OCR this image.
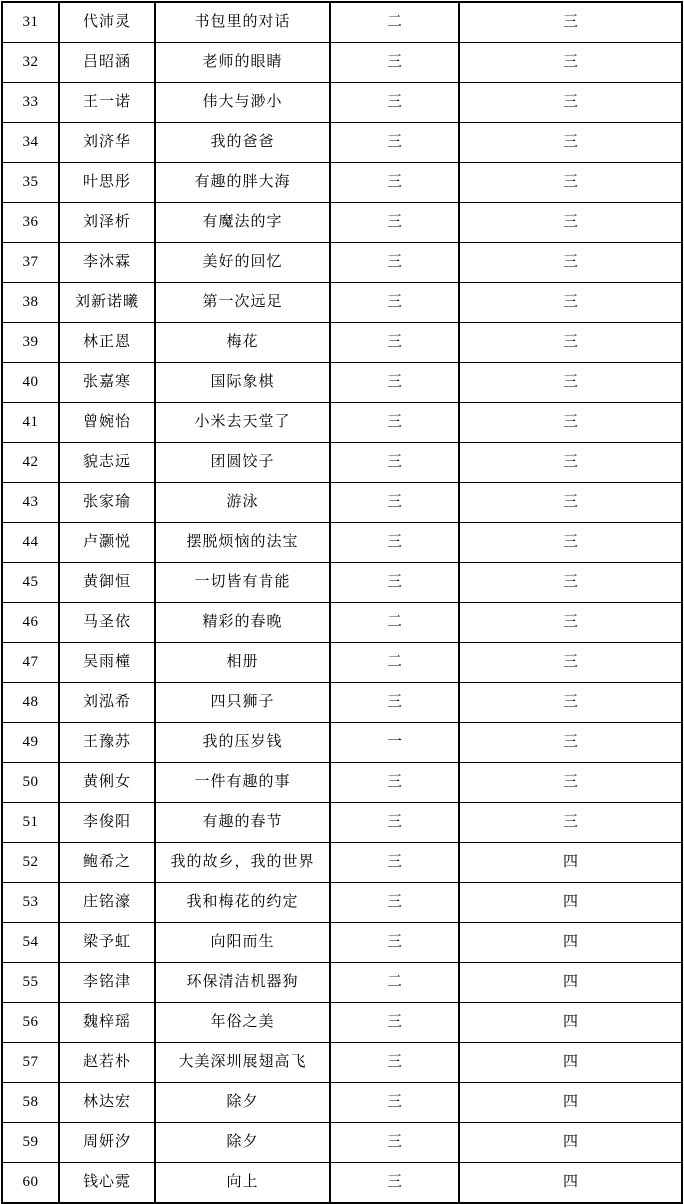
31	代沛灵	书包里的对话	二	三
32	吕昭涵	老师的眼睛	三	三
33	王一诺	伟大与渺小	三	三
34	刘济华	我的爸爸	三	三
35	叶思彤	有趣的胖大海	三	三
36	刘泽析	有魔法的字	三	三
37	李沐霖	美好的回忆	三	三
38	刘新诺曦	第一次远足	三	三
39	林正恩	梅花	三	三
40	张嘉寒	国际象棋	三	三
41	曾婉怡	小米去天堂了	三	三
42	貌志远	团圆饺子	三	三
43	张家瑜	游泳	三	三
44	卢灏悦	摆脱烦恼的法宝	三	三
45	黄御恒	一切皆有肯能	三	三
46	马圣依	精彩的春晚	二	三
47	吴雨橦	相册	二	三
48	刘泓希	四只狮子	三	三
49	王豫苏	我的压岁钱	一	三
50	黄俐女	一件有趣的事	三	三
51	李俊阳	有趣的春节	三	三
52	鲍希之	我的故乡，我的世界	三	四
53	庄铭濠	我和梅花的约定	三	四
54	梁予虹	向阳而生	三	四
55	李铭津	环保清洁机器狗	二	四
56	魏梓瑶	年俗之美	三	四
57	赵若朴	大美深圳展翅高飞	三	四
58	林达宏	除夕	三	四
59	周妍汐	除夕	三	四
60	钱心霓	向上	三	四
